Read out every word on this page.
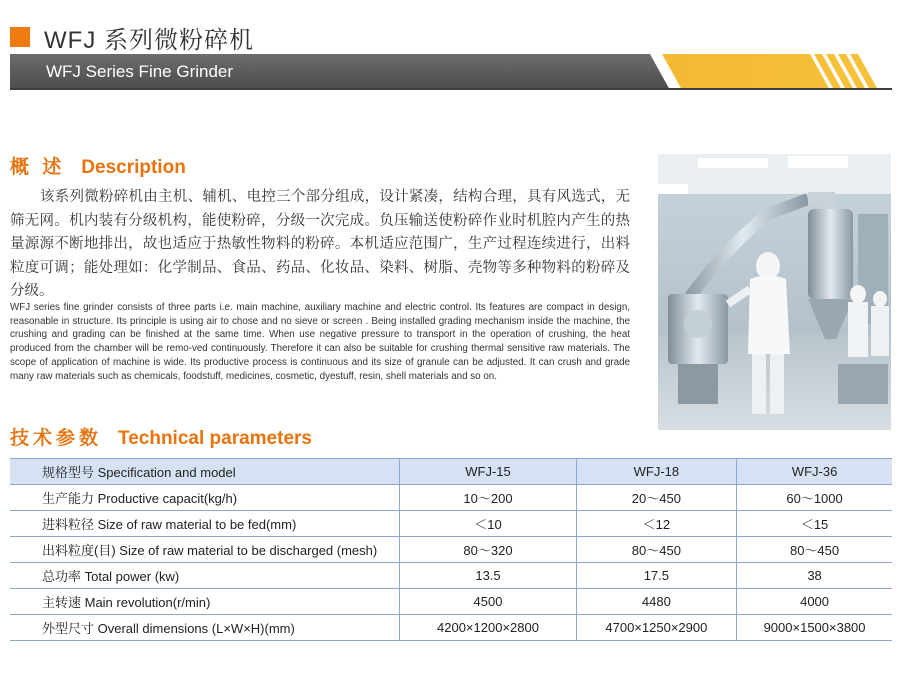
WFJ 系列微粉碎机
WFJ Series Fine Grinder
概 述 Description
该系列微粉碎机由主机、辅机、电控三个部分组成，设计紧凑，结构合理，具有风选式，无筛无网。机内装有分级机构，能使粉碎，分级一次完成。负压输送使粉碎作业时机腔内产生的热量源源不断地排出，故也适应于热敏性物料的粉碎。本机适应范围广，生产过程连续进行，出料粒度可调；能处理如：化学制品、食品、药品、化妆品、染料、树脂、壳物等多种物料的粉碎及分级。
WFJ series fine grinder consists of three parts i.e. main machine, auxiliary machine and electric control. Its features are compact in design, reasonable in structure. Its principle is using air to chose and no sieve or screen . Being installed grading mechanism inside the machine, the crushing and grading can be finished at the same time. When use negative pressure to transport in the operation of crushing, the heat produced from the chamber will be remo-ved continuously. Therefore it can also be suitable for crushing thermal sensitive raw materials. The scope of application of machine is wide. Its productive process is continuous and its size of granule can be adjusted. It can crush and grade many raw materials such as chemicals, foodstuff, medicines, cosmetic, dyestuff, resin, shell materials and so on.
技术参数 Technical parameters
规格型号 Specification and model	WFJ-15	WFJ-18	WFJ-36
生产能力 Productive capacit(kg/h)	10～200	20～450	60～1000
进料粒径 Size of raw material to be fed(mm)	＜10	＜12	＜15
出料粒度(目) Size of raw material to be discharged (mesh)	80～320	80～450	80～450
总功率 Total power (kw)	13.5	17.5	38
主转速 Main revolution(r/min)	4500	4480	4000
外型尺寸 Overall dimensions (L×W×H)(mm)	4200×1200×2800	4700×1250×2900	9000×1500×3800
